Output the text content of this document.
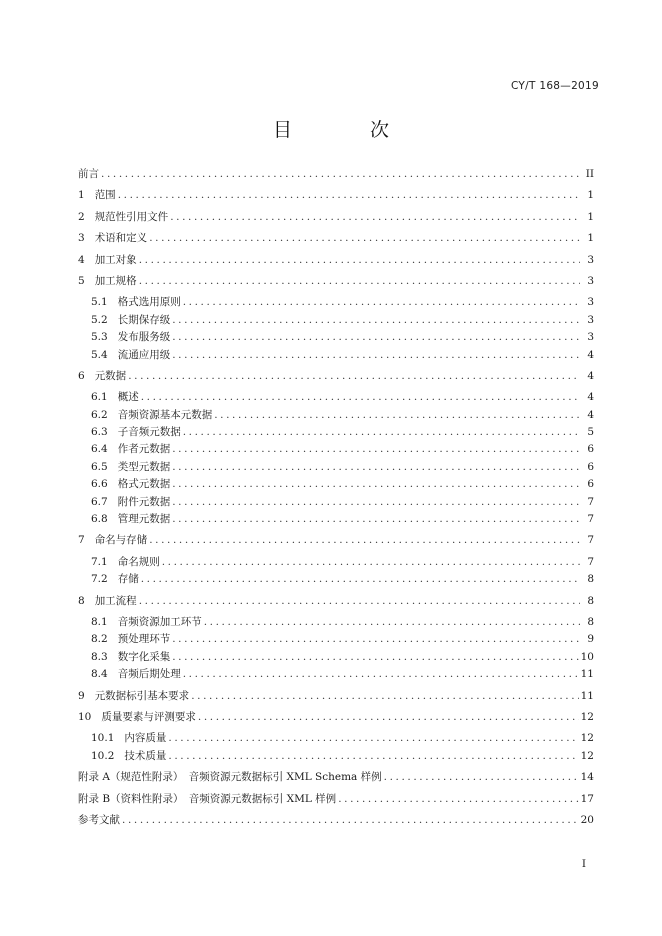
CY/T 168—2019
目 次
前言 .....	II
1 范围 .....	1
2 规范性引用文件 .....	1
3 术语和定义 .....	1
4 加工对象 .....	3
5 加工规格 .....	3
5.1 格式选用原则 .....	3
5.2 长期保存级 .....	3
5.3 发布服务级 .....	3
5.4 流通应用级 .....	4
6 元数据 .....	4
6.1 概述 .....	4
6.2 音频资源基本元数据 .....	4
6.3 子音频元数据 .....	5
6.4 作者元数据 .....	6
6.5 类型元数据 .....	6
6.6 格式元数据 .....	6
6.7 附件元数据 .....	7
6.8 管理元数据 .....	7
7 命名与存储 .....	7
7.1 命名规则 .....	7
7.2 存储 .....	8
8 加工流程 .....	8
8.1 音频资源加工环节 .....	8
8.2 预处理环节 .....	9
8.3 数字化采集 .....	10
8.4 音频后期处理 .....	11
9 元数据标引基本要求 .....	11
10 质量要素与评测要求 .....	12
10.1 内容质量 .....	12
10.2 技术质量 .....	12
附录 A（规范性附录）　音频资源元数据标引 XML Schema 样例 .....	14
附录 B（资料性附录）　音频资源元数据标引 XML 样例 .....	17
参考文献 .....	20
I
